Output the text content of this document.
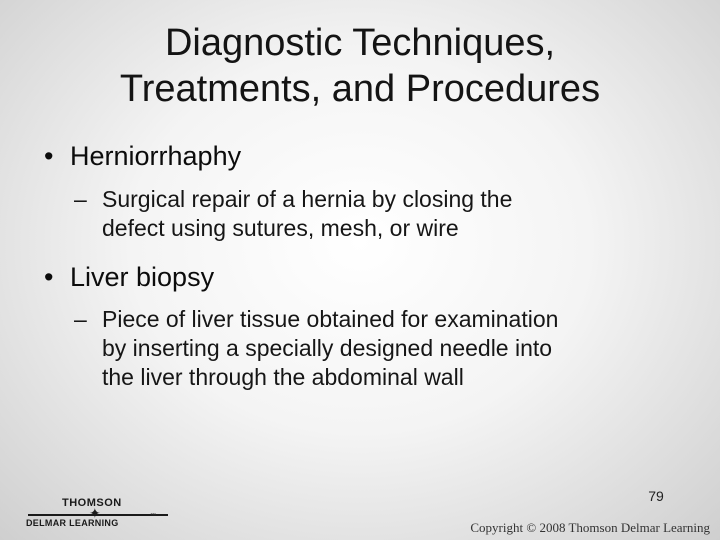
Diagnostic Techniques,
Treatments, and Procedures
• Herniorrhaphy
– Surgical repair of a hernia by closing the
defect using sutures, mesh, or wire
• Liver biopsy
– Piece of liver tissue obtained for examination
by inserting a specially designed needle into
the liver through the abdominal wall
79
THOMSON
✦
DELMAR LEARNING
™
Copyright © 2008 Thomson Delmar Learning
